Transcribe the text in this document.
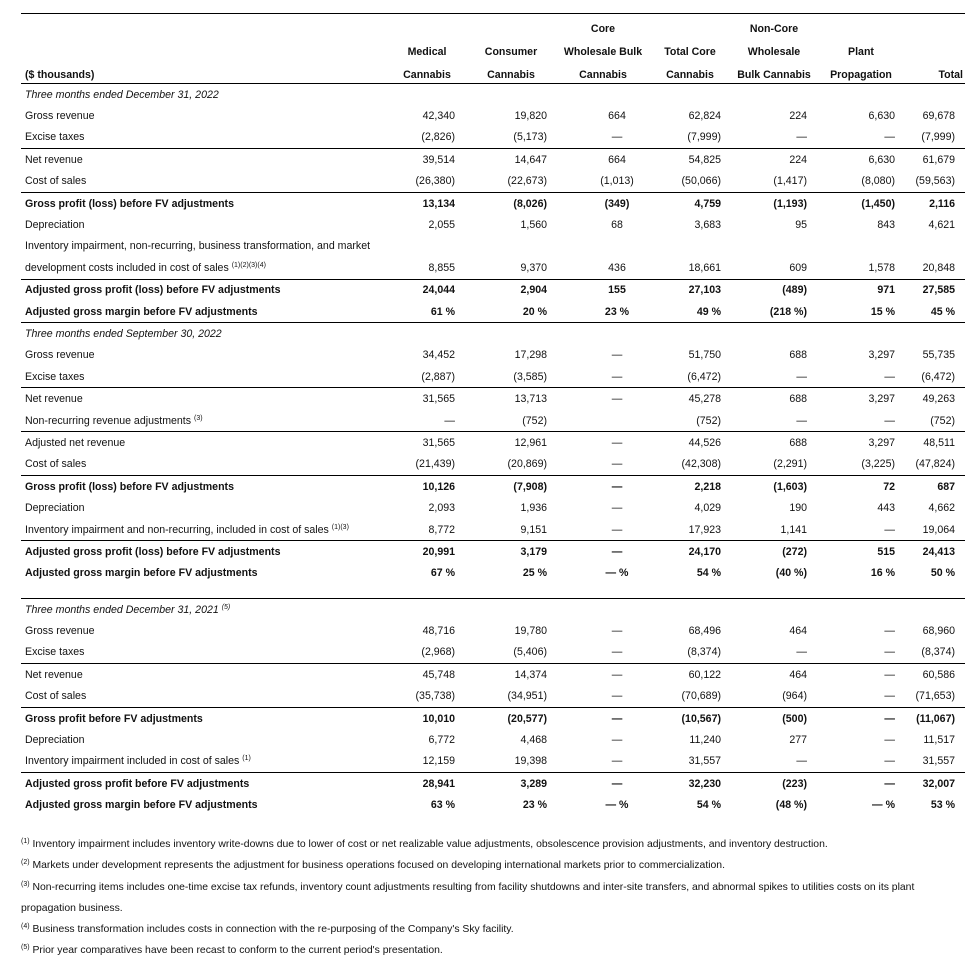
			Core		Non-Core		
	Medical	Consumer	Wholesale Bulk	Total Core	Wholesale	Plant	
($ thousands)	Cannabis	Cannabis	Cannabis	Cannabis	Bulk Cannabis	Propagation	Total
Three months ended December 31, 2022							
Gross revenue	42,340	19,820	664	62,824	224	6,630	69,678
Excise taxes	(2,826)	(5,173)	—	(7,999)	—	—	(7,999)
Net revenue	39,514	14,647	664	54,825	224	6,630	61,679
Cost of sales	(26,380)	(22,673)	(1,013)	(50,066)	(1,417)	(8,080)	(59,563)
Gross profit (loss) before FV adjustments	13,134	(8,026)	(349)	4,759	(1,193)	(1,450)	2,116
Depreciation	2,055	1,560	68	3,683	95	843	4,621
Inventory impairment, non-recurring, business transformation, and market							
development costs included in cost of sales $^{(1)(2)(3)(4)}$	8,855	9,370	436	18,661	609	1,578	20,848
Adjusted gross profit (loss) before FV adjustments	24,044	2,904	155	27,103	(489)	971	27,585
Adjusted gross margin before FV adjustments	61 %	20 %	23 %	49 %	(218 %)	15 %	45 %
Three months ended September 30, 2022							
Gross revenue	34,452	17,298	—	51,750	688	3,297	55,735
Excise taxes	(2,887)	(3,585)	—	(6,472)	—	—	(6,472)
Net revenue	31,565	13,713	—	45,278	688	3,297	49,263
Non-recurring revenue adjustments $^{(3)}$	—	(752)		(752)	—	—	(752)
Adjusted net revenue	31,565	12,961	—	44,526	688	3,297	48,511
Cost of sales	(21,439)	(20,869)	—	(42,308)	(2,291)	(3,225)	(47,824)
Gross profit (loss) before FV adjustments	10,126	(7,908)	—	2,218	(1,603)	72	687
Depreciation	2,093	1,936	—	4,029	190	443	4,662
Inventory impairment and non-recurring, included in cost of sales $^{(1)(3)}$	8,772	9,151	—	17,923	1,141	—	19,064
Adjusted gross profit (loss) before FV adjustments	20,991	3,179	—	24,170	(272)	515	24,413
Adjusted gross margin before FV adjustments	67 %	25 %	— %	54 %	(40 %)	16 %	50 %

Three months ended December 31, 2021 $^{(5)}$
Gross revenue	48,716	19,780	—	68,496	464	—	68,960
Excise taxes	(2,968)	(5,406)	—	(8,374)	—	—	(8,374)
Net revenue	45,748	14,374	—	60,122	464	—	60,586
Cost of sales	(35,738)	(34,951)	—	(70,689)	(964)	—	(71,653)
Gross profit before FV adjustments	10,010	(20,577)	—	(10,567)	(500)	—	(11,067)
Depreciation	6,772	4,468	—	11,240	277	—	11,517
Inventory impairment included in cost of sales $^{(1)}$	12,159	19,398	—	31,557	—	—	31,557
Adjusted gross profit before FV adjustments	28,941	3,289	—	32,230	(223)	—	32,007
Adjusted gross margin before FV adjustments	63 %	23 %	— %	54 %	(48 %)	— %	53 %

$^{(1)}$ Inventory impairment includes inventory write-downs due to lower of cost or net realizable value adjustments, obsolescence provision adjustments, and inventory destruction.

$^{(2)}$ Markets under development represents the adjustment for business operations focused on developing international markets prior to commercialization.

$^{(3)}$ Non-recurring items includes one-time excise tax refunds, inventory count adjustments resulting from facility shutdowns and inter-site transfers, and abnormal spikes to utilities costs on its plant

propagation business.

$^{(4)}$ Business transformation includes costs in connection with the re-purposing of the Company's Sky facility.

$^{(5)}$ Prior year comparatives have been recast to conform to the current period's presentation.
